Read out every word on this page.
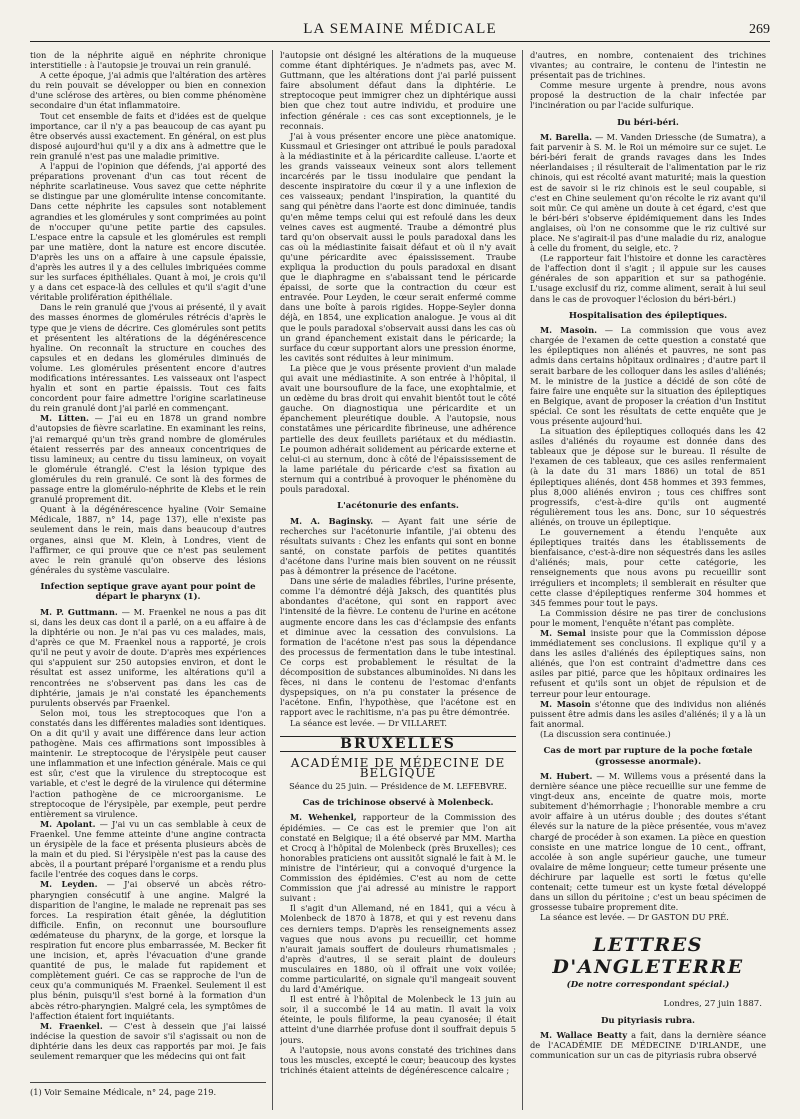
LA SEMAINE MÉDICALE	269

tion de la néphrite aiguë en néphrite chronique interstitielle : à l'autopsie je trouvai un rein granulé.

A cette époque, j'ai admis que l'altération des artères du rein pouvait se développer ou bien en connexion d'une sclérose des artères, ou bien comme phénomène secondaire d'un état inflammatoire.

Tout cet ensemble de faits et d'idées est de quelque importance, car il n'y a pas beaucoup de cas ayant pu être observés aussi exactement. En général, on est plus disposé aujourd'hui qu'il y a dix ans à admettre que le rein granulé n'est pas une maladie primitive.

A l'appui de l'opinion que défends, j'ai apporté des préparations provenant d'un cas tout récent de néphrite scarlatineuse. Vous savez que cette néphrite se distingue par une glomérulite intense concomitante. Dans cette néphrite les capsules sont notablement agrandies et les glomérules y sont comprimées au point de n'occuper qu'une petite partie des capsules. L'espace entre la capsule et les glomérules est rempli par une matière, dont la nature est encore discutée. D'après les uns on a affaire à une capsule épaissie, d'après les autres il y a des cellules imbriquées comme sur les surfaces épithéliales. Quant à moi, je crois qu'il y a dans cet espace-là des cellules et qu'il s'agit d'une véritable prolifération épithéliale.

Dans le rein granulé que j'vous ai présenté, il y avait des masses énormes de glomérules rétrécis d'après le type que je viens de décrire. Ces glomérules sont petits et présentent les altérations de la dégénérescence hyaline. On reconnaît la structure en couches des capsules et en dedans les glomérules diminués de volume. Les glomérules présentent encore d'autres modifications intéressantes. Les vaisseaux ont l'aspect hyalin et sont en partie épaissis. Tout ces faits concordent pour faire admettre l'origine scarlatineuse du rein granulé dont j'ai parlé en commençant.

M. Litten. — J'ai eu en 1878 un grand nombre d'autopsies de fièvre scarlatine. En examinant les reins, j'ai remarqué qu'un très grand nombre de glomérules étaient resserrés par des anneaux concentriques de tissu lamineux; au centre du tissu lamineux, on voyait le glomérule étranglé. C'est la lésion typique des glomérules du rein granulé. Ce sont là des formes de passage entre la glomérulo-néphrite de Klebs et le rein granulé proprement dit.

Quant à la dégénérescence hyaline (Voir Semaine Médicale, 1887, n° 14, page 137), elle n'existe pas seulement dans le rein, mais dans beaucoup d'autres organes, ainsi que M. Klein, à Londres, vient de l'affirmer, ce qui prouve que ce n'est pas seulement avec le rein granulé qu'on observe des lésions générales du système vasculaire.

Infection septique grave ayant pour point de départ le pharynx (1).

M. P. Guttmann. — M. Fraenkel ne nous a pas dit si, dans les deux cas dont il a parlé, on a eu affaire à de la diphtérie ou non. Je n'ai pas vu ces malades, mais, d'après ce que M. Fraenkel nous a rapporté, je crois qu'il ne peut y avoir de doute. D'après mes expériences qui s'appuient sur 250 autopsies environ, et dont le résultat est assez uniforme, les altérations qu'il a rencontrées ne s'observent pas dans les cas de diphtérie, jamais je n'ai constaté les épanchements purulents observés par Fraenkel.

Selon moi, tous les streptocoques que l'on a constatés dans les différentes maladies sont identiques. On a dit qu'il y avait une différence dans leur action pathogène. Mais ces affirmations sont impossibles à maintenir. Le streptocoque de l'érysipèle peut causer une inflammation et une infection générale. Mais ce qui est sûr, c'est que la virulence du streptocoque est variable, et c'est le degré de la virulence qui détermine l'action pathogène de ce microorganisme. Le streptocoque de l'érysipèle, par exemple, peut perdre entièrement sa virulence.

M. Apolant. — J'ai vu un cas semblable à ceux de Fraenkel. Une femme atteinte d'une angine contracta un érysipèle de la face et présenta plusieurs abcès de la main et du pied. Si l'érysipèle n'est pas la cause des abcès, il a pourtant préparé l'organisme et a rendu plus facile l'entrée des coques dans le corps.

M. Leyden. — J'ai observé un abcès rétro-pharyngien consécutif à une angine. Malgré la disparition de l'angine, le malade ne reprenait pas ses forces. La respiration était gênée, la déglutition difficile. Enfin, on reconnut une boursouflure œdémateuse du pharynx, de la gorge, et lorsque la respiration fut encore plus embarrassée, M. Becker fit une incision, et, après l'évacuation d'une grande quantité de pus, le malade fut rapidement et complètement guéri. Ce cas se rapproche de l'un de ceux qu'a communiqués M. Fraenkel. Seulement il est plus bénin, puisqu'il s'est borné à la formation d'un abcès rétro-pharyngien. Malgré cela, les symptômes de l'affection étaient fort inquiétants.

M. Fraenkel. — C'est à dessein que j'ai laissé indécise la question de savoir s'il s'agissait ou non de diphtérie dans les deux cas rapportés par moi. Je fais seulement remarquer que les médecins qui ont fait

(1) Voir Semaine Médicale, n° 24, page 219.

l'autopsie ont désigné les altérations de la muqueuse comme étant diphtériques. Je n'admets pas, avec M. Guttmann, que les altérations dont j'ai parlé puissent faire absolument défaut dans la diphtérie. Le streptocoque peut immigrer chez un diphtérique aussi bien que chez tout autre individu, et produire une infection générale : ces cas sont exceptionnels, je le reconnais.

J'ai à vous présenter encore une pièce anatomique. Kussmaul et Griesinger ont attribué le pouls paradoxal à la médiastinite et à la péricardite calleuse. L'aorte et les grands vaisseaux veineux sont alors tellement incarcérés par le tissu inodulaire que pendant la descente inspiratoire du cœur il y a une inflexion de ces vaisseaux; pendant l'inspiration, la quantité du sang qui pénètre dans l'aorte est donc diminuée, tandis qu'en même temps celui qui est refoulé dans les deux veines caves est augmenté. Traube a démontré plus tard qu'on observait aussi le pouls paradoxal dans les cas où la médiastinite faisait défaut et où il n'y avait qu'une péricardite avec épaississement. Traube expliqua la production du pouls paradoxal en disant que le diaphragme en s'abaissant tend le péricarde épaissi, de sorte que la contraction du cœur est entravée. Pour Leyden, le cœur serait enfermé comme dans une boîte à parois rigides. Hoppe-Seyler donna déjà, en 1854, une explication analogue. Je vous ai dit que le pouls paradoxal s'observait aussi dans les cas où un grand épanchement existait dans le péricarde; la surface du cœur supportant alors une pression énorme, les cavités sont réduites à leur minimum.

La pièce que je vous présente provient d'un malade qui avait une médiastinite. A son entrée à l'hôpital, il avait une boursouflure de la face, une exophtalmie, et un œdème du bras droit qui envahit bientôt tout le côté gauche. On diagnostiqua une péricardite et un épanchement pleurétique double. A l'autopsie, nous constatâmes une péricardite fibrineuse, une adhérence partielle des deux feuillets pariétaux et du médiastin. Le poumon adhérait solidement au péricarde externe et celui-ci au sternum, donc à côté de l'épaississement de la lame pariétale du péricarde c'est sa fixation au sternum qui a contribué à provoquer le phénomène du pouls paradoxal.

L'acétonurie des enfants.

M. A. Baginsky. — Ayant fait une série de recherches sur l'acétonurie infantile, j'ai obtenu des résultats suivants : Chez les enfants qui sont en bonne santé, on constate parfois de petites quantités d'acétone dans l'urine mais bien souvent on ne réussit pas à démontrer la présence de l'acétone.

Dans une série de maladies fébriles, l'urine présente, comme l'a démontré déjà Jaksch, des quantités plus abondantes d'acétone, qui sont en rapport avec l'intensité de la fièvre. Le contenu de l'urine en acétone augmente encore dans les cas d'éclampsie des enfants et diminue avec la cessation des convulsions. La formation de l'acétone n'est pas sous la dépendance des processus de fermentation dans le tube intestinal. Ce corps est probablement le résultat de la décomposition de substances albuminoïdes. Ni dans les fèces, ni dans le contenu de l'estomac d'enfants dyspepsiques, on n'a pu constater la présence de l'acétone. Enfin, l'hypothèse, que l'acétone est en rapport avec le rachitisme, n'a pas pu être démontrée.

La séance est levée. — Dr VILLARET.

BRUXELLES
ACADÉMIE DE MÉDECINE DE BELGIQUE
Séance du 25 juin. — Présidence de M. LEFEBVRE.
Cas de trichinose observé à Molenbeck.

M. Wehenkel, rapporteur de la Commission des épidémies. — Ce cas est le premier que l'on ait constaté en Belgique; il a été observé par MM. Martha et Crocq à l'hôpital de Molenbeck (près Bruxelles); ces honorables praticiens ont aussitôt signalé le fait à M. le ministre de l'intérieur, qui a convoqué d'urgence la Commission des épidémies. C'est au nom de cette Commission que j'ai adressé au ministre le rapport suivant :

Il s'agit d'un Allemand, né en 1841, qui a vécu à Molenbeck de 1870 à 1878, et qui y est revenu dans ces derniers temps. D'après les renseignements assez vagues que nous avons pu recueillir, cet homme n'aurait jamais souffert de douleurs rhumatismales ; d'après d'autres, il se serait plaint de douleurs musculaires en 1880, où il offrait une voix voilée; comme particularité, on signale qu'il mangeait souvent du lard d'Amérique.

Il est entré à l'hôpital de Molenbeck le 13 juin au soir, il a succombé le 14 au matin. Il avait la voix éteinte, le pouls filiforme, la peau cyanosée; il était atteint d'une diarrhée profuse dont il souffrait depuis 5 jours.

A l'autopsie, nous avons constaté des trichines dans tous les muscles, excepté le cœur; beaucoup des kystes trichinés étaient atteints de dégénérescence calcaire ;

d'autres, en nombre, contenaient des trichines vivantes; au contraire, le contenu de l'intestin ne présentait pas de trichines.

Comme mesure urgente à prendre, nous avons proposé la destruction de la chair infectée par l'incinération ou par l'acide sulfurique.

Du béri-béri.

M. Barella. — M. Vanden Driessche (de Sumatra), a fait parvenir à S. M. le Roi un mémoire sur ce sujet. Le béri-béri ferait de grands ravages dans les Indes néerlandaises ; il résulterait de l'alimentation par le riz chinois, qui est récolté avant maturité; mais la question est de savoir si le riz chinois est le seul coupable, si c'est en Chine seulement qu'on récolte le riz avant qu'il soit mûr. Ce qui amène un doute à cet égard, c'est que le béri-béri s'observe épidémiquement dans les Indes anglaises, où l'on ne consomme que le riz cultivé sur place. Ne s'agirait-il pas d'une maladie du riz, analogue à celle du froment, du seigle, etc. ?

(Le rapporteur fait l'histoire et donne les caractères de l'affection dont il s'agit ; il appuie sur les causes générales de son apparition et sur sa pathogénie. L'usage exclusif du riz, comme aliment, serait à lui seul dans le cas de provoquer l'éclosion du béri-béri.)

Hospitalisation des épileptiques.

M. Masoin. — La commission que vous avez chargée de l'examen de cette question a constaté que les épileptiques non aliénés et pauvres, ne sont pas admis dans certains hôpitaux ordinaires ; d'autre part il serait barbare de les colloquer dans les asiles d'aliénés; M. le ministre de la justice a décidé de son côté de faire faire une enquête sur la situation des épileptiques en Belgique, avant de proposer la création d'un Institut spécial. Ce sont les résultats de cette enquête que je vous présente aujourd'hui.

La situation des épileptiques colloqués dans les 42 asiles d'aliénés du royaume est donnée dans des tableaux que je dépose sur le bureau. Il résulte de l'examen de ces tableaux, que ces asiles renfermaient (à la date du 31 mars 1886) un total de 851 épileptiques aliénés, dont 458 hommes et 393 femmes, plus 8,000 aliénés environ ; tous ces chiffres sont progressifs, c'est-à-dire qu'ils ont augmenté régulièrement tous les ans. Donc, sur 10 séquestrés aliénés, on trouve un épileptique.

Le gouvernement a étendu l'enquête aux épileptiques traités dans les établissements de bienfaisance, c'est-à-dire non séquestrés dans les asiles d'aliénés; mais, pour cette catégorie, les renseignements que nous avons pu recueillir sont irréguliers et incomplets; il semblerait en résulter que cette classe d'épileptiques renferme 304 hommes et 345 femmes pour tout le pays.

La Commission désire ne pas tirer de conclusions pour le moment, l'enquête n'étant pas complète.

M. Semal insiste pour que la Commission dépose immédiatement ses conclusions. Il explique qu'il y a dans les asiles d'aliénés des épileptiques sains, non aliénés, que l'on est contraint d'admettre dans ces asiles par pitié, parce que les hôpitaux ordinaires les refusent et qu'ils sont un objet de répulsion et de terreur pour leur entourage.

M. Masoin s'étonne que des individus non aliénés puissent être admis dans les asiles d'aliénés; il y a là un fait anormal.

(La discussion sera continuée.)

Cas de mort par rupture de la poche fœtale (grossesse anormale).

M. Hubert. — M. Willems vous a présenté dans la dernière séance une pièce recueillie sur une femme de vingt-deux ans, enceinte de quatre mois, morte subitement d'hémorrhagie ; l'honorable membre a cru avoir affaire à un utérus double ; des doutes s'étant élevés sur la nature de la pièce présentée, vous m'avez chargé de procéder à son examen. La pièce en question consiste en une matrice longue de 10 cent., offrant, accolée à son angle supérieur gauche, une tumeur ovalaire de même longueur; cette tumeur présente une déchirure par laquelle est sorti le fœtus qu'elle contenait; cette tumeur est un kyste fœtal développé dans un sillon du péritoine ; c'est un beau spécimen de grossesse tubaire proprement dite.

La séance est levée. — Dr GASTON DU PRÉ.

LETTRES D'ANGLETERRE
(De notre correspondant spécial.)
Londres, 27 juin 1887.
Du pityriasis rubra.

M. Wallace Beatty a fait, dans la dernière séance de l'ACADÉMIE DE MÉDECINE D'IRLANDE, une communication sur un cas de pityriasis rubra observé
